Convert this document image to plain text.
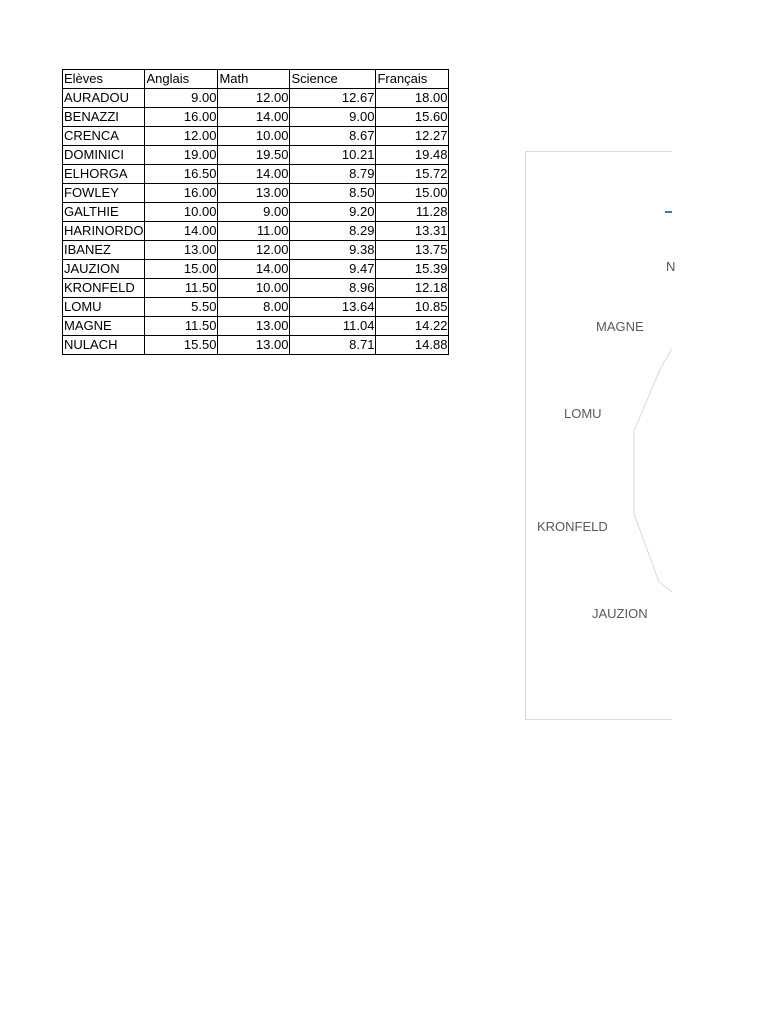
Elèves	Anglais	Math	Science	Français
AURADOU	9.00	12.00	12.67	18.00
BENAZZI	16.00	14.00	9.00	15.60
CRENCA	12.00	10.00	8.67	12.27
DOMINICI	19.00	19.50	10.21	19.48
ELHORGA	16.50	14.00	8.79	15.72
FOWLEY	16.00	13.00	8.50	15.00
GALTHIE	10.00	9.00	9.20	11.28
HARINORDO	14.00	11.00	8.29	13.31
IBANEZ	13.00	12.00	9.38	13.75
JAUZION	15.00	14.00	9.47	15.39
KRONFELD	11.50	10.00	8.96	12.18
LOMU	5.50	8.00	13.64	10.85
MAGNE	11.50	13.00	11.04	14.22
NULACH	15.50	13.00	8.71	14.88
N
MAGNE
LOMU
KRONFELD
JAUZION
